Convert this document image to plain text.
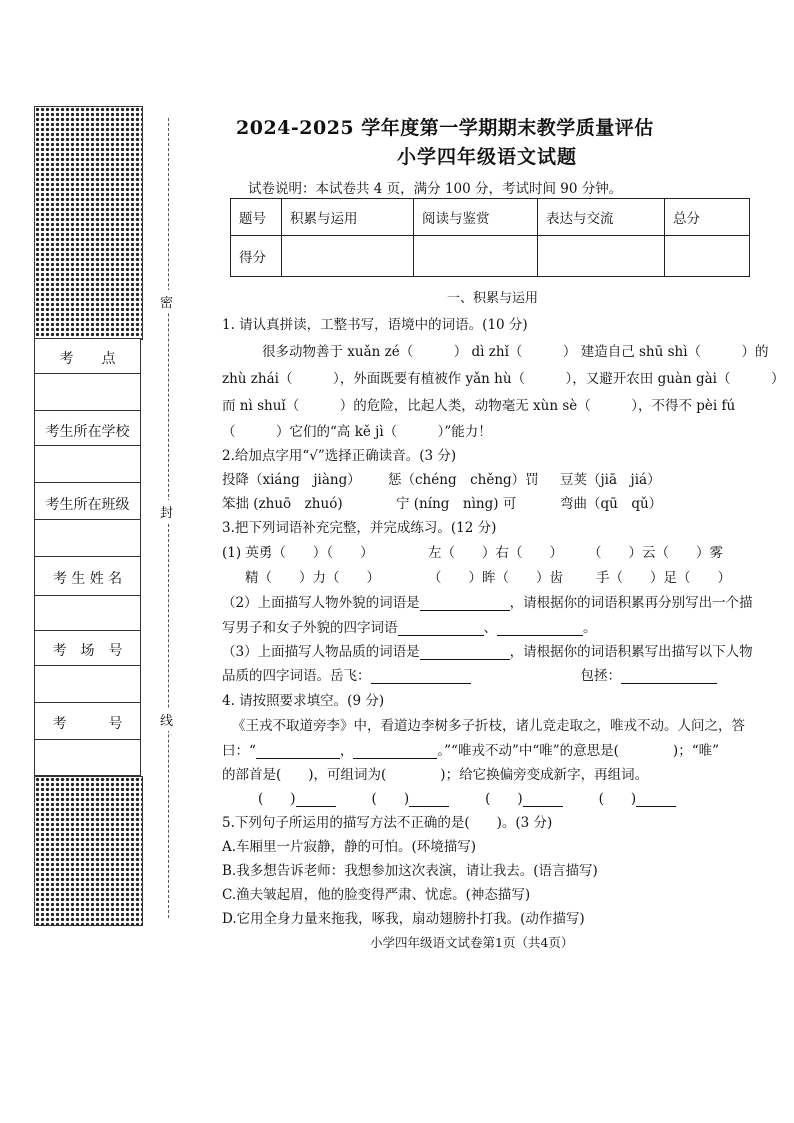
考　　点
考生所在学校
考生所在班级
考 生 姓 名
考　场　号
考　　　号
密
封
线
2024-2025 学年度第一学期期末教学质量评估
小学四年级语文试题
试卷说明：本试卷共 4 页，满分 100 分，考试时间 90 分钟。
题号	积累与运用	阅读与鉴赏	表达与交流	总分
得分				
一、积累与运用
1. 请认真拼读，工整书写，语境中的词语。(10 分)
很多动物善于 xuǎn zé（　　　） dì zhǐ（　　　） 建造自己 shū shì（　　　）的
zhù zhái（　　　），外面既要有植被作 yǎn hù（　　　），又避开农田 guàn gài（　　　）
而 nì shuǐ（　　　）的危险，比起人类，动物毫无 xùn sè（　　　），不得不 pèi fú
（　　　）它们的“高 kě jì（　　　）”能力！
2.给加点字用“√”选择正确读音。(3 分)
投降（xiáng　jiàng） 惩（chéng　chěng）罚 豆荚（jiā　jiá）
笨拙 (zhuō　zhuó)	宁 (níng　nìng) 可	弯曲（qū　qǔ）
3.把下列词语补充完整，并完成练习。(12 分)
(1) 英勇（　　）（　　）	左（　　）右（　　） （　　）云（　　）雾
精（　　）力（　　）	（　　）眸（　　）齿 手（　　）足（　　）
（2）上面描写人物外貌的词语是	，请根据你的词语积累再分别写出一个描
写男子和女子外貌的四字词语	、	。
（3）上面描写人物品质的词语是	，请根据你的词语积累写出描写以下人物
品质的四字词语。岳飞：	包拯：
4. 请按照要求填空。(9 分)
《王戎不取道旁李》中，看道边李树多子折枝，诸儿竞走取之，唯戎不动。人问之，答
曰：“	，	。”“唯戎不动”中“唯”的意思是(　　　　)；“唯”
的部首是(　　)，可组词为(　　　　)；给它换偏旁变成新字，再组词。
(　　)	(　　)	(　　)	(　　)
5.下列句子所运用的描写方法不正确的是(　　)。(3 分)
A.车厢里一片寂静，静的可怕。(环境描写)
B.我多想告诉老师：我想参加这次表演，请让我去。(语言描写)
C.渔夫皱起眉，他的脸变得严肃、忧虑。(神态描写)
D.它用全身力量来拖我，啄我，扇动翅膀扑打我。(动作描写)
小学四年级语文试卷第1页（共4页）
